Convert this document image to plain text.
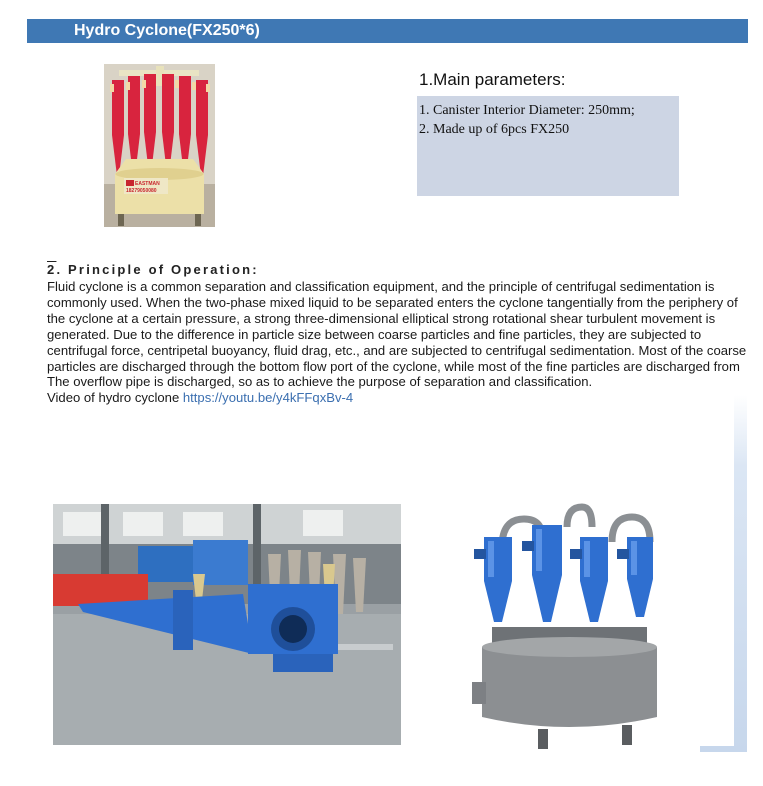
Hydro Cyclone(FX250*6)
EASTMAN
18279050080
1.Main parameters:
1. Canister Interior Diameter: 250mm;
2. Made up of 6pcs FX250
2. Principle of Operation:

Fluid cyclone is a common separation and classification equipment, and the principle of centrifugal sedimentation is commonly used. When the two-phase mixed liquid to be separated enters the cyclone tangentially from the periphery of the cyclone at a certain pressure, a strong three-dimensional elliptical strong rotational shear turbulent movement is generated. Due to the difference in particle size between coarse particles and fine particles, they are subjected to centrifugal force, centripetal buoyancy, fluid drag, etc., and are subjected to centrifugal sedimentation. Most of the coarse particles are discharged through the bottom flow port of the cyclone, while most of the fine particles are discharged from The overflow pipe is discharged, so as to achieve the purpose of separation and classification.

Video of hydro cyclone https://youtu.be/y4kFFqxBv-4
